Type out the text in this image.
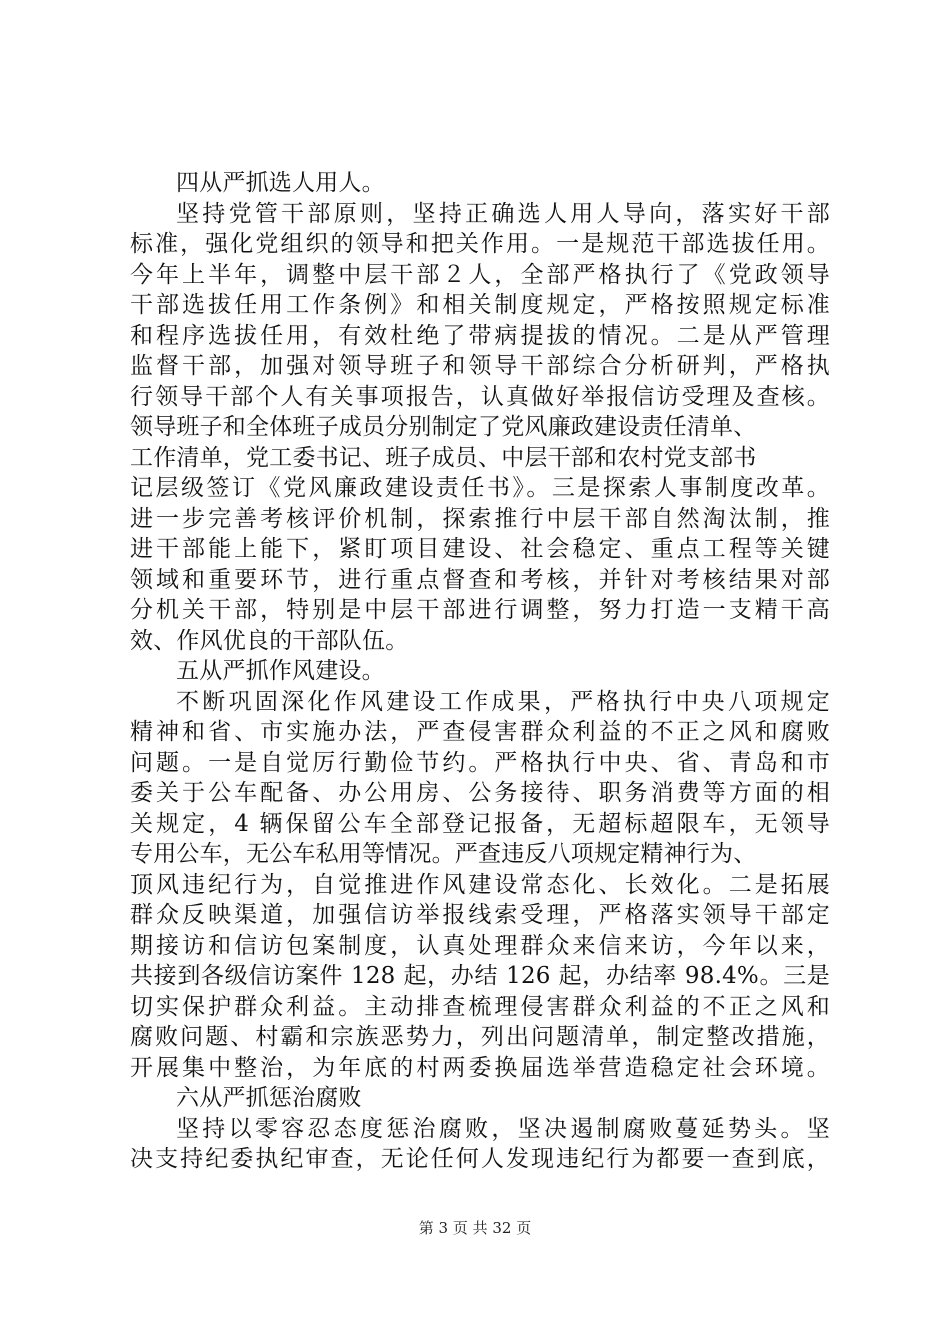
四从严抓选人用人。
坚持党管干部原则，坚持正确选人用人导向，落实好干部
标准，强化党组织的领导和把关作用。一是规范干部选拔任用。
今年上半年，调整中层干部２人，全部严格执行了《党政领导
干部选拔任用工作条例》和相关制度规定，严格按照规定标准
和程序选拔任用，有效杜绝了带病提拔的情况。二是从严管理
监督干部，加强对领导班子和领导干部综合分析研判，严格执
行领导干部个人有关事项报告，认真做好举报信访受理及查核。
领导班子和全体班子成员分别制定了党风廉政建设责任清单、
工作清单，党工委书记、班子成员、中层干部和农村党支部书
记层级签订《党风廉政建设责任书》。三是探索人事制度改革。
进一步完善考核评价机制，探索推行中层干部自然淘汰制，推
进干部能上能下，紧盯项目建设、社会稳定、重点工程等关键
领域和重要环节，进行重点督查和考核，并针对考核结果对部
分机关干部，特别是中层干部进行调整，努力打造一支精干高
效、作风优良的干部队伍。
五从严抓作风建设。
不断巩固深化作风建设工作成果，严格执行中央八项规定
精神和省、市实施办法，严查侵害群众利益的不正之风和腐败
问题。一是自觉厉行勤俭节约。严格执行中央、省、青岛和市
委关于公车配备、办公用房、公务接待、职务消费等方面的相
关规定，4 辆保留公车全部登记报备，无超标超限车，无领导
专用公车，无公车私用等情况。严查违反八项规定精神行为、
顶风违纪行为，自觉推进作风建设常态化、长效化。二是拓展
群众反映渠道，加强信访举报线索受理，严格落实领导干部定
期接访和信访包案制度，认真处理群众来信来访，今年以来，
共接到各级信访案件 128 起，办结 126 起，办结率 98.4%。三是
切实保护群众利益。主动排查梳理侵害群众利益的不正之风和
腐败问题、村霸和宗族恶势力，列出问题清单，制定整改措施，
开展集中整治，为年底的村两委换届选举营造稳定社会环境。
六从严抓惩治腐败
坚持以零容忍态度惩治腐败，坚决遏制腐败蔓延势头。坚
决支持纪委执纪审查，无论任何人发现违纪行为都要一查到底，
第 3 页 共 32 页
